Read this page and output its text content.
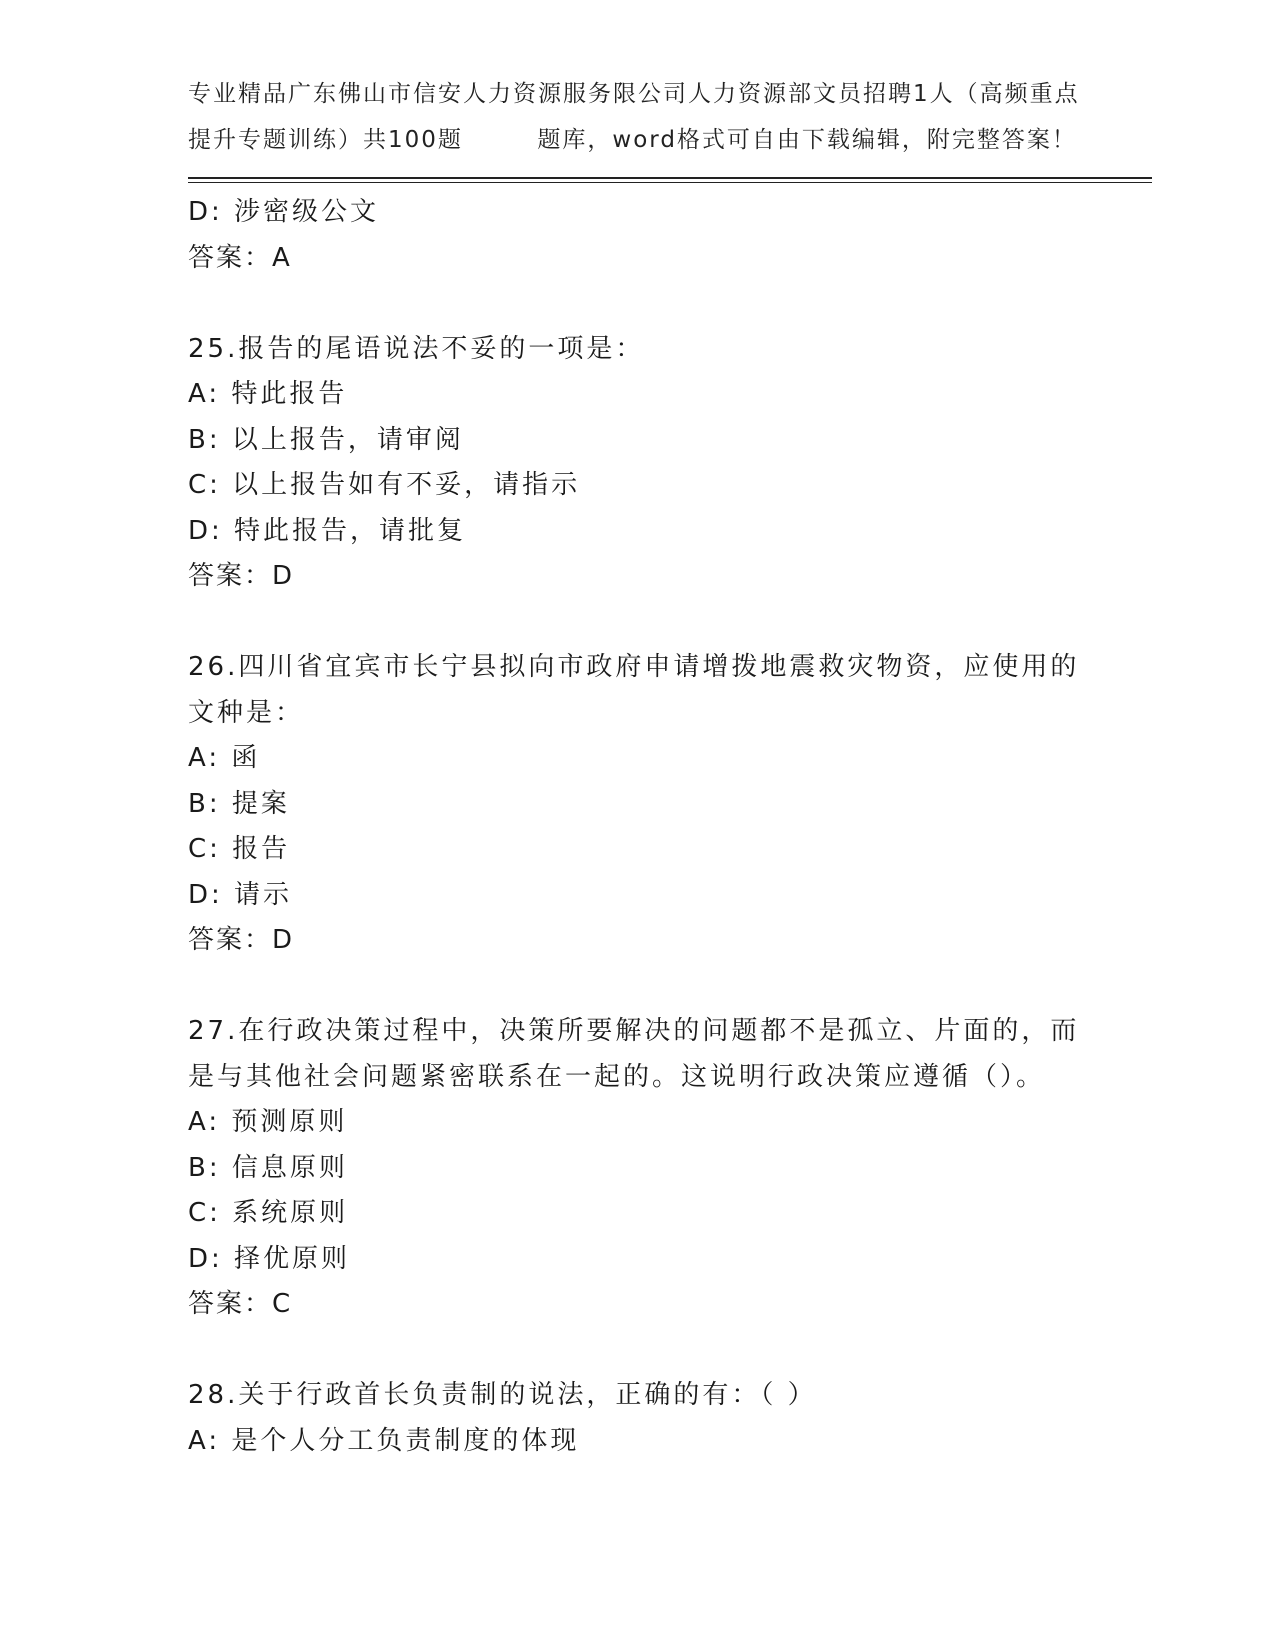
专业精品广东佛山市信安人力资源服务限公司人力资源部文员招聘1人（高频重点
提升专题训练）共100题        题库，word格式可自由下载编辑，附完整答案！
D: 涉密级公文
答案：A
25.报告的尾语说法不妥的一项是：
A: 特此报告
B: 以上报告，请审阅
C: 以上报告如有不妥，请指示
D: 特此报告，请批复
答案：D
26.四川省宜宾市长宁县拟向市政府申请增拨地震救灾物资，应使用的
文种是：
A: 函
B: 提案
C: 报告
D: 请示
答案：D
27.在行政决策过程中，决策所要解决的问题都不是孤立、片面的，而
是与其他社会问题紧密联系在一起的。这说明行政决策应遵循（）。
A: 预测原则
B: 信息原则
C: 系统原则
D: 择优原则
答案：C
28.关于行政首长负责制的说法，正确的有：（ ）
A: 是个人分工负责制度的体现
